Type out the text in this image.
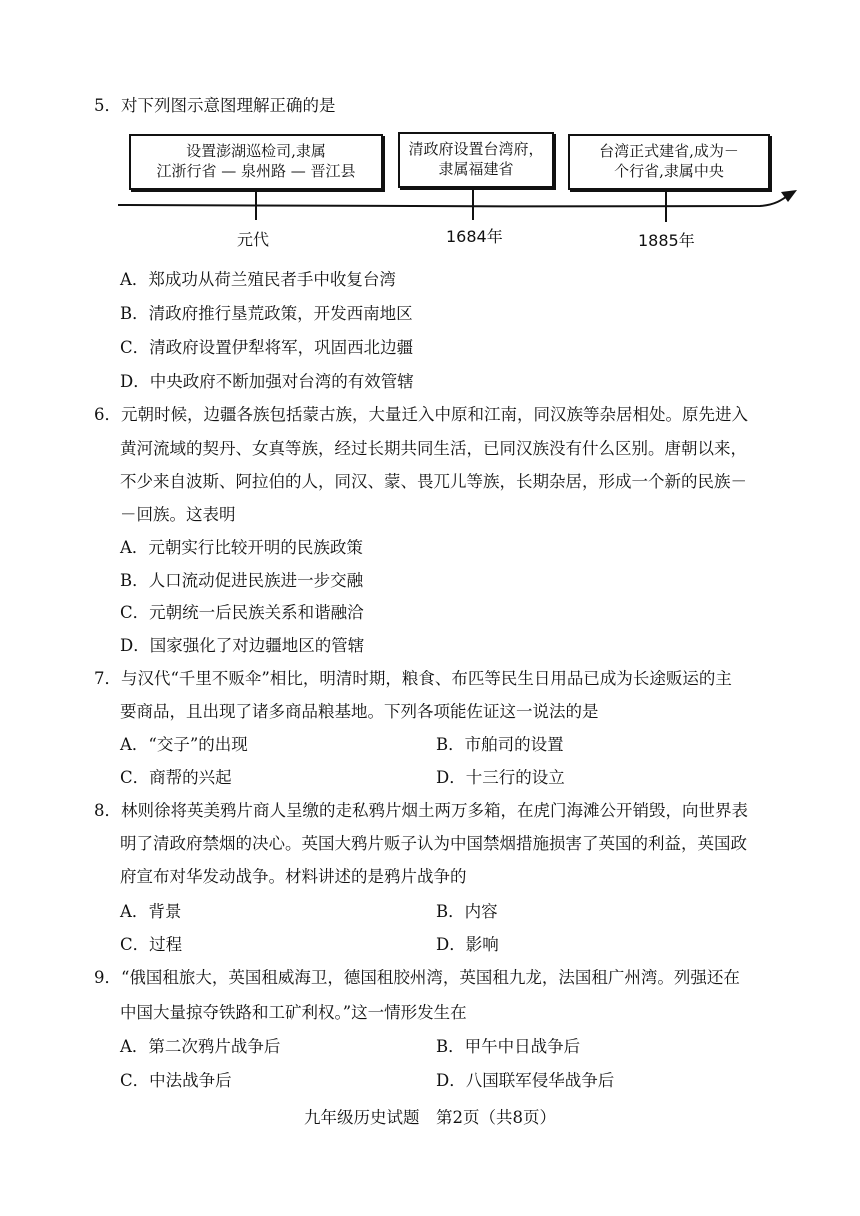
5．对下列图示意图理解正确的是
设置澎湖巡检司,隶属
江浙行省 — 泉州路 — 晋江县
清政府设置台湾府，
隶属福建省
台湾正式建省,成为－
个行省,隶属中央
元代	1684年	1885年
A．郑成功从荷兰殖民者手中收复台湾
B．清政府推行垦荒政策，开发西南地区
C．清政府设置伊犁将军，巩固西北边疆
D．中央政府不断加强对台湾的有效管辖
6．元朝时候，边疆各族包括蒙古族，大量迁入中原和江南，同汉族等杂居相处。原先进入
黄河流域的契丹、女真等族，经过长期共同生活，已同汉族没有什么区别。唐朝以来，
不少来自波斯、阿拉伯的人，同汉、蒙、畏兀儿等族，长期杂居，形成一个新的民族－
－回族。这表明
A．元朝实行比较开明的民族政策
B．人口流动促进民族进一步交融
C．元朝统一后民族关系和谐融洽
D．国家强化了对边疆地区的管辖
7．与汉代“千里不贩伞”相比，明清时期，粮食、布匹等民生日用品已成为长途贩运的主
要商品，且出现了诸多商品粮基地。下列各项能佐证这一说法的是
A．“交子”的出现	B．市舶司的设置
C．商帮的兴起	D．十三行的设立
8．林则徐将英美鸦片商人呈缴的走私鸦片烟土两万多箱，在虎门海滩公开销毁，向世界表
明了清政府禁烟的决心。英国大鸦片贩子认为中国禁烟措施损害了英国的利益，英国政
府宣布对华发动战争。材料讲述的是鸦片战争的
A．背景	B．内容
C．过程	D．影响
9．“俄国租旅大，英国租威海卫，德国租胶州湾，英国租九龙，法国租广州湾。列强还在
中国大量掠夺铁路和工矿利权。”这一情形发生在
A．第二次鸦片战争后	B．甲午中日战争后
C．中法战争后	D．八国联军侵华战争后
九年级历史试题　第2页（共8页）
